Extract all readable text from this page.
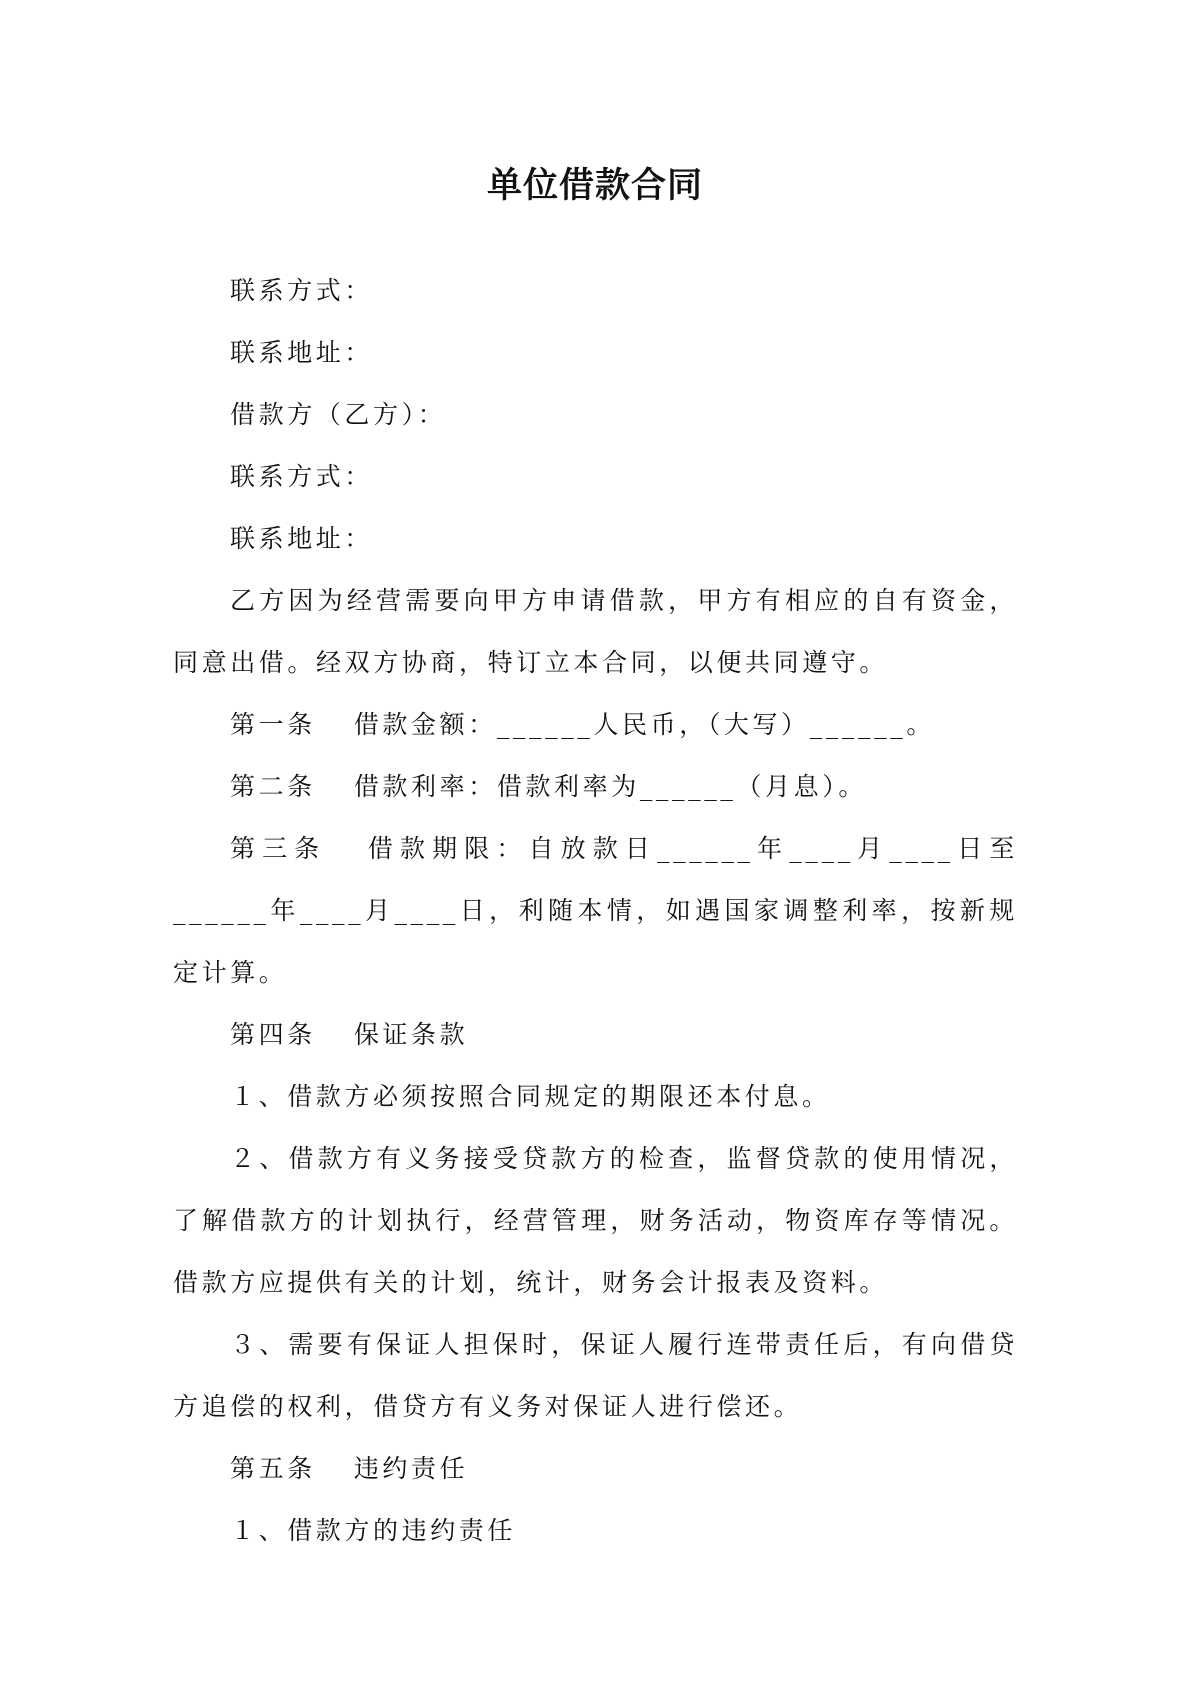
单位借款合同

联系方式：

联系地址：

借款方（乙方）：

联系方式：

联系地址：

乙方因为经营需要向甲方申请借款，甲方有相应的自有资金，同意出借。经双方协商，特订立本合同，以便共同遵守。

第一条 借款金额：______人民币，（大写）______。

第二条 借款利率：借款利率为______（月息）。

第三条 借款期限：自放款日______年____月____日至______年____月____日，利随本情，如遇国家调整利率，按新规定计算。

第四条 保证条款

１、借款方必须按照合同规定的期限还本付息。

２、借款方有义务接受贷款方的检查，监督贷款的使用情况，了解借款方的计划执行，经营管理，财务活动，物资库存等情况。借款方应提供有关的计划，统计，财务会计报表及资料。

３、需要有保证人担保时，保证人履行连带责任后，有向借贷方追偿的权利，借贷方有义务对保证人进行偿还。

第五条 违约责任

１、借款方的违约责任
